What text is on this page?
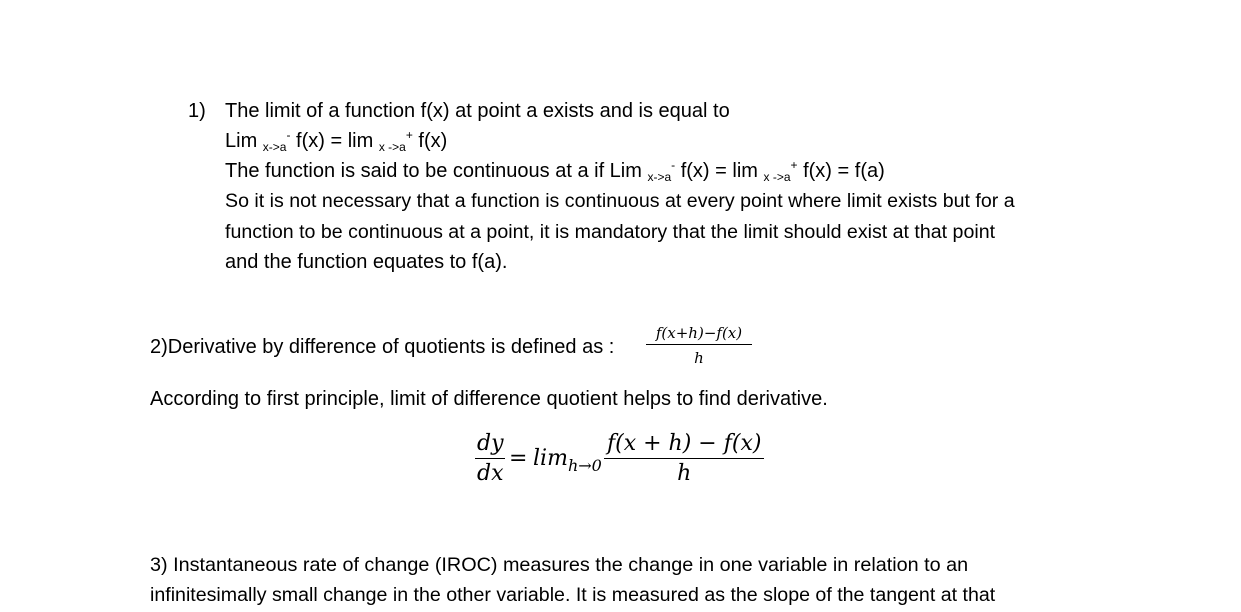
1) The limit of a function f(x) at point a exists and is equal to
Lim $_{x->a}$- f(x) = lim $_{x ->a}$+ f(x)
The function is said to be continuous at a if Lim $_{x->a}$- f(x) = lim $_{x ->a}$+ f(x) = f(a)
So it is not necessary that a function is continuous at every point where limit exists but for a
function to be continuous at a point, it is mandatory that the limit should exist at that point
and the function equates to f(a).
2)Derivative by difference of quotients is defined as : $\frac{f(x+h)-f(x)}{h}$
According to first principle, limit of difference quotient helps to find derivative.
$\frac{dy}{dx} = \lim_{h\to 0} \frac{f(x + h) - f(x)}{h}$
3) Instantaneous rate of change (IROC) measures the change in one variable in relation to an
infinitesimally small change in the other variable. It is measured as the slope of the tangent at that
